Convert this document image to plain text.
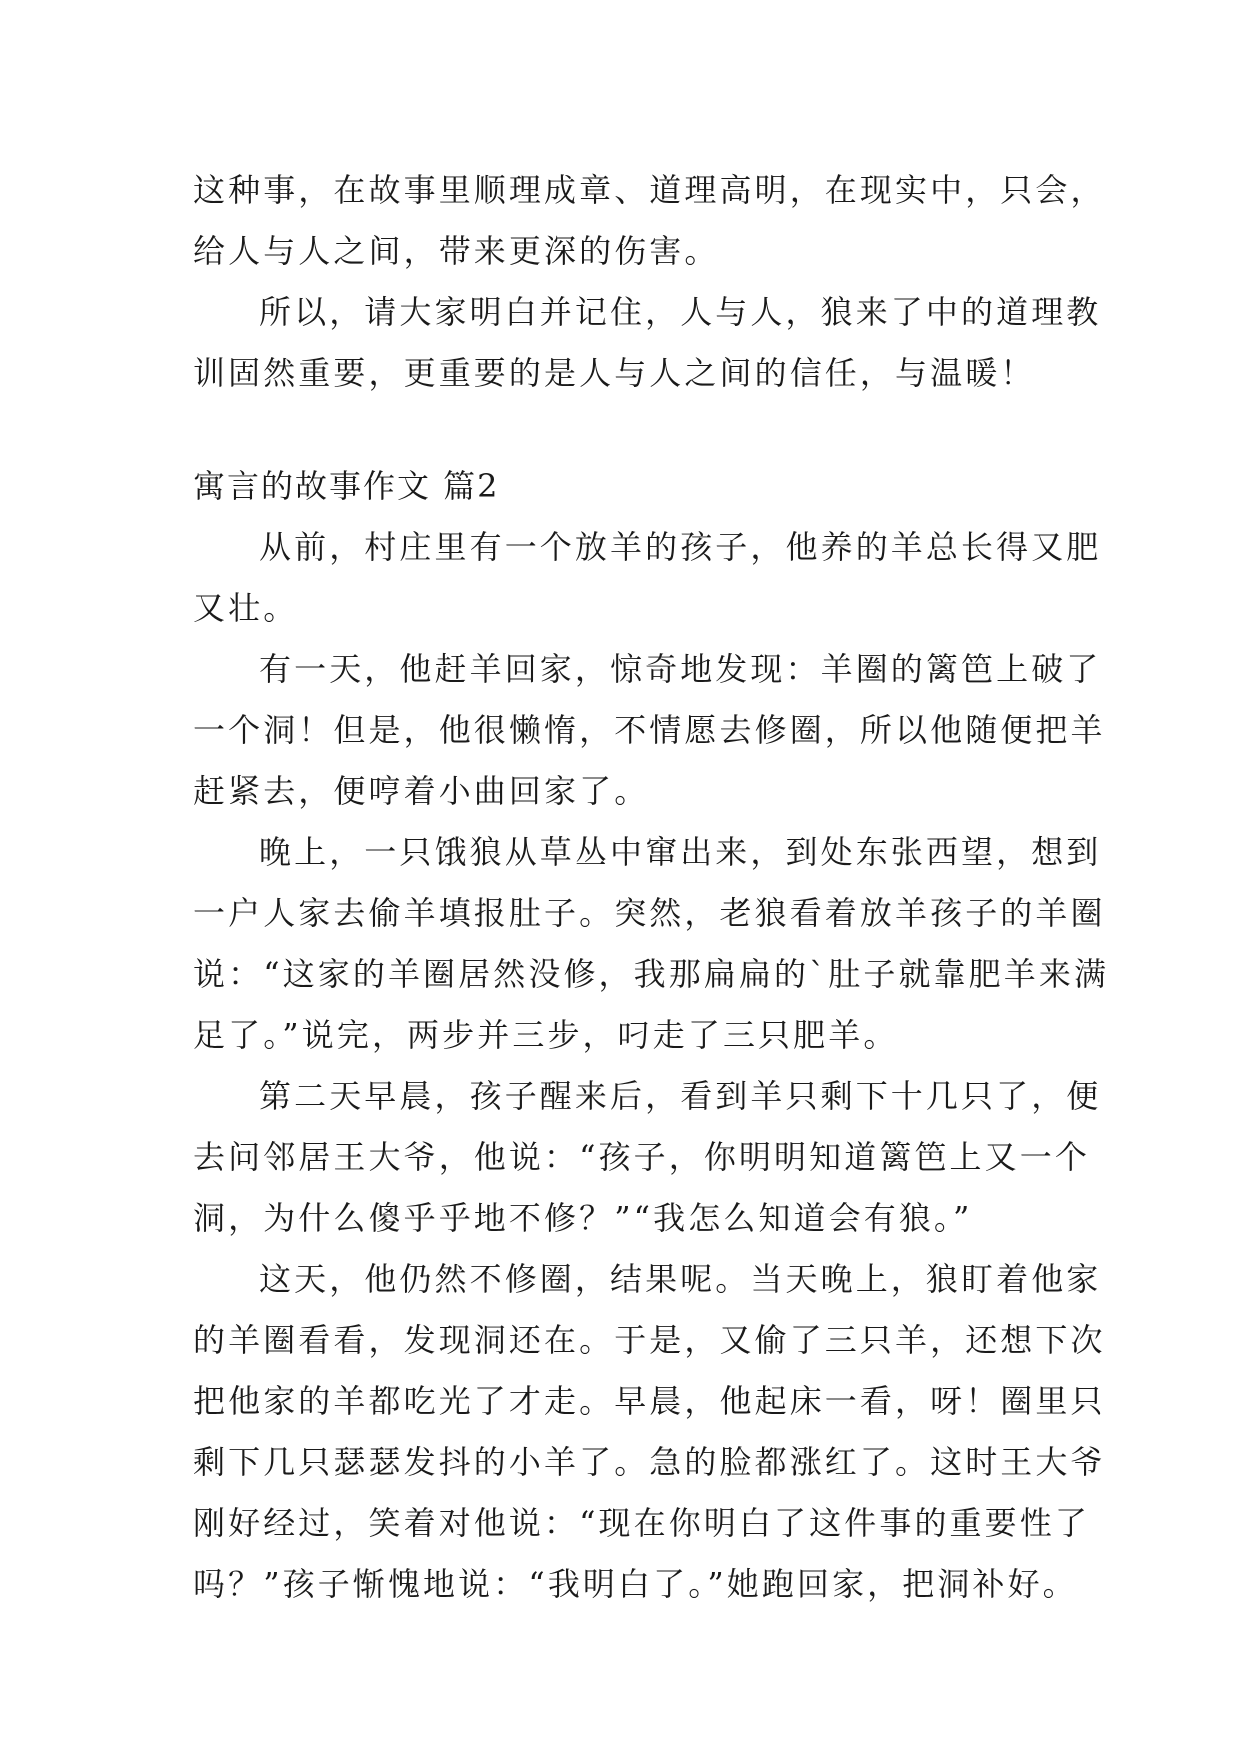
这种事，在故事里顺理成章、道理高明，在现实中，只会，
给人与人之间，带来更深的伤害。
所以，请大家明白并记住，人与人，狼来了中的道理教
训固然重要，更重要的是人与人之间的信任，与温暖！
寓言的故事作文 篇2
从前，村庄里有一个放羊的孩子，他养的羊总长得又肥
又壮。
有一天，他赶羊回家，惊奇地发现：羊圈的篱笆上破了
一个洞！但是，他很懒惰，不情愿去修圈，所以他随便把羊
赶紧去，便哼着小曲回家了。
晚上，一只饿狼从草丛中窜出来，到处东张西望，想到
一户人家去偷羊填报肚子。突然，老狼看着放羊孩子的羊圈
说：“这家的羊圈居然没修，我那扁扁的`肚子就靠肥羊来满
足了。”说完，两步并三步，叼走了三只肥羊。
第二天早晨，孩子醒来后，看到羊只剩下十几只了，便
去问邻居王大爷，他说：“孩子，你明明知道篱笆上又一个
洞，为什么傻乎乎地不修？”“我怎么知道会有狼。”
这天，他仍然不修圈，结果呢。当天晚上，狼盯着他家
的羊圈看看，发现洞还在。于是，又偷了三只羊，还想下次
把他家的羊都吃光了才走。早晨，他起床一看，呀！圈里只
剩下几只瑟瑟发抖的小羊了。急的脸都涨红了。这时王大爷
刚好经过，笑着对他说：“现在你明白了这件事的重要性了
吗？”孩子惭愧地说：“我明白了。”她跑回家，把洞补好。
